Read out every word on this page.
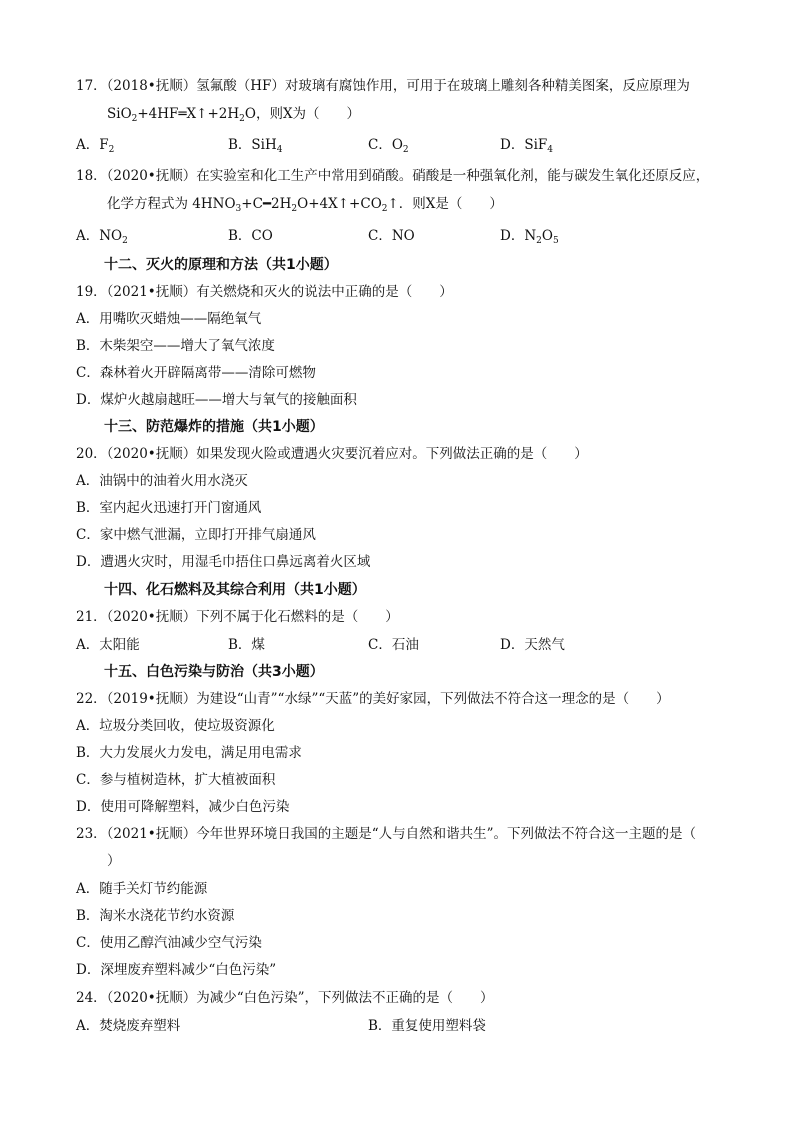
17．（2018•抚顺）氢氟酸（HF）对玻璃有腐蚀作用，可用于在玻璃上雕刻各种精美图案，反应原理为
$SiO_2+4HF═X↑+2H_2O$，则X为（　　）
A．$F_2$	B．SiH$_4$	C．$O_2$	D．SiF$_4$
18．（2020•抚顺）在实验室和化工生产中常用到硝酸。硝酸是一种强氧化剂，能与碳发生氧化还原反应，
化学方程式为 $4HNO_3+C━2H_2O+4X↑+CO_2↑$．则X是（　　）
A．$NO_2$	B．CO	C．NO	D．$N_2O_5$
十二、灭火的原理和方法（共1小题）
19．（2021•抚顺）有关燃烧和灭火的说法中正确的是（　　）
A．用嘴吹灭蜡烛——隔绝氧气
B．木柴架空——增大了氧气浓度
C．森林着火开辟隔离带——清除可燃物
D．煤炉火越扇越旺——增大与氧气的接触面积
十三、防范爆炸的措施（共1小题）
20．（2020•抚顺）如果发现火险或遭遇火灾要沉着应对。下列做法正确的是（　　）
A．油锅中的油着火用水浇灭
B．室内起火迅速打开门窗通风
C．家中燃气泄漏，立即打开排气扇通风
D．遭遇火灾时，用湿毛巾捂住口鼻远离着火区域
十四、化石燃料及其综合利用（共1小题）
21．（2020•抚顺）下列不属于化石燃料的是（　　）
A．太阳能	B．煤	C．石油	D．天然气
十五、白色污染与防治（共3小题）
22．（2019•抚顺）为建设“山青”“水绿”“天蓝”的美好家园，下列做法不符合这一理念的是（　　）
A．垃圾分类回收，使垃圾资源化
B．大力发展火力发电，满足用电需求
C．参与植树造林，扩大植被面积
D．使用可降解塑料，减少白色污染
23．（2021•抚顺）今年世界环境日我国的主题是“人与自然和谐共生”。下列做法不符合这一主题的是（
）
A．随手关灯节约能源
B．淘米水浇花节约水资源
C．使用乙醇汽油减少空气污染
D．深埋废弃塑料减少“白色污染”
24．（2020•抚顺）为减少“白色污染”，下列做法不正确的是（　　）
A．焚烧废弃塑料	B．重复使用塑料袋
